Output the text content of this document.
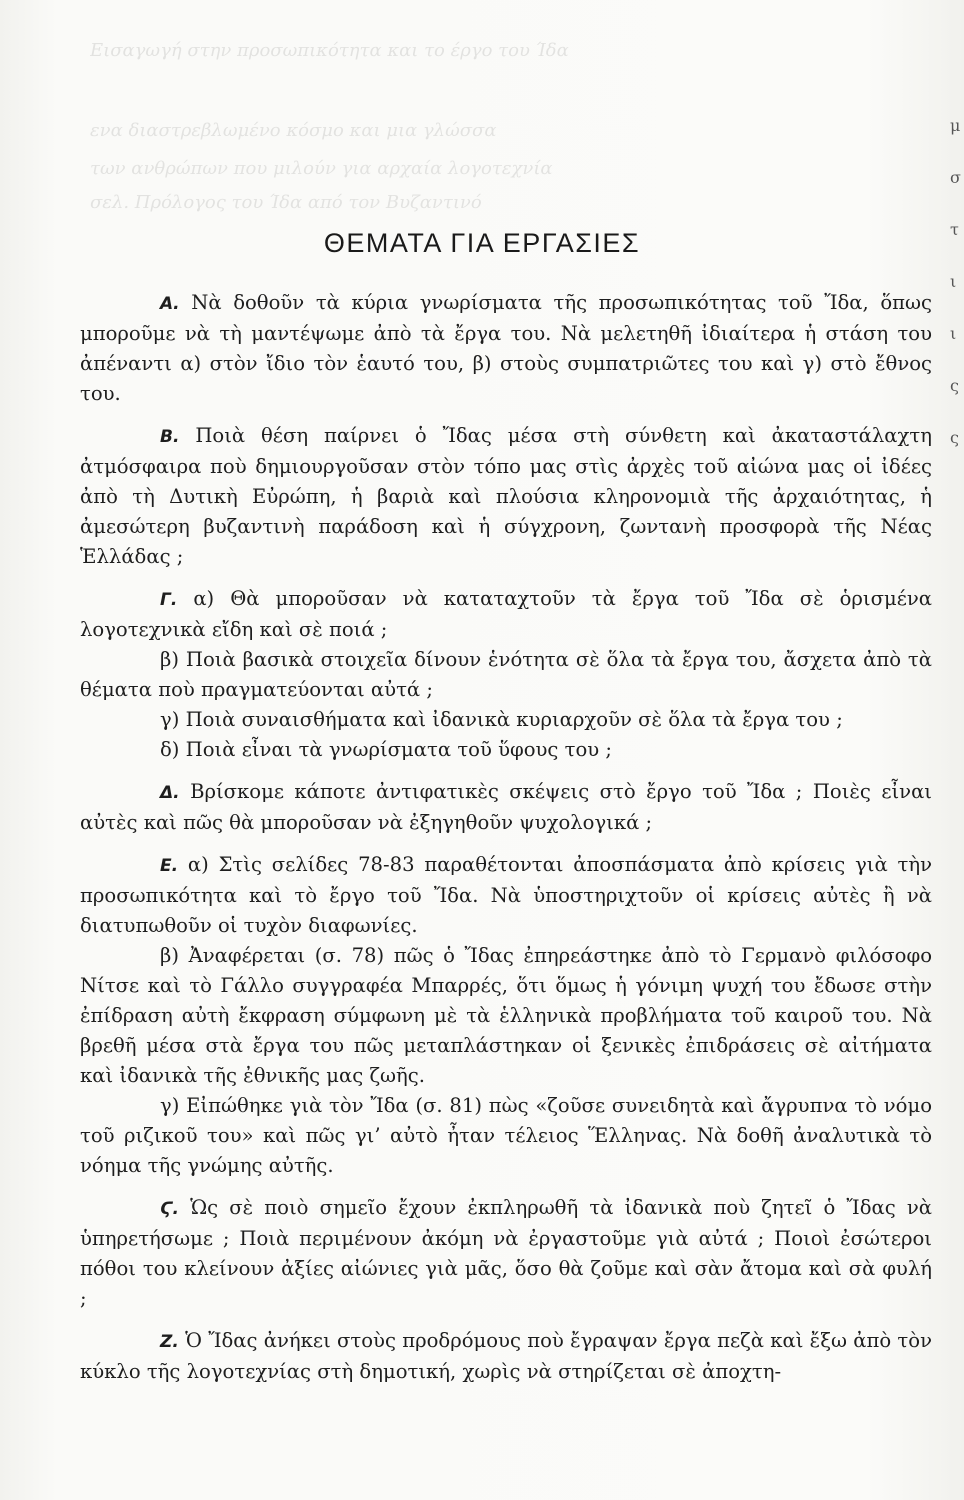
Εισαγωγή στην προσωπικότητα και το έργο του Ίδα
ενα διαστρεβλωμένο κόσμο και μια γλώσσα
των ανθρώπων που μιλούν για αρχαία λογοτεχνία
σελ. Πρόλογος του Ίδα από τον Βυζαντινό
ΘΕΜΑΤΑ ΓΙΑ ΕΡΓΑΣΙΕΣ

Α. Νὰ δοθοῦν τὰ κύρια γνωρίσματα τῆς προσωπικότητας τοῦ Ἴδα, ὅπως μποροῦμε νὰ τὴ μαντέψωμε ἀπὸ τὰ ἔργα του. Νὰ μελετηθῆ ἰδιαίτερα ἡ στάση του ἀπέναντι α) στὸν ἴδιο τὸν ἑαυτό του, β) στοὺς συμπατριῶτες του καὶ γ) στὸ ἔθνος του.

Β. Ποιὰ θέση παίρνει ὁ Ἴδας μέσα στὴ σύνθετη καὶ ἀκαταστάλαχτη ἀτμόσφαιρα ποὺ δημιουργοῦσαν στὸν τόπο μας στὶς ἀρχὲς τοῦ αἰώνα μας οἱ ἰδέες ἀπὸ τὴ Δυτικὴ Εὐρώπη, ἡ βαριὰ καὶ πλούσια κληρονομιὰ τῆς ἀρχαιότητας, ἡ ἀμεσώτερη βυζαντινὴ παράδοση καὶ ἡ σύγχρονη, ζωντανὴ προσφορὰ τῆς Νέας Ἑλλάδας ;

Γ. α) Θὰ μποροῦσαν νὰ καταταχτοῦν τὰ ἔργα τοῦ Ἴδα σὲ ὁρισμένα λογοτεχνικὰ εἴδη καὶ σὲ ποιά ;

β) Ποιὰ βασικὰ στοιχεῖα δίνουν ἑνότητα σὲ ὅλα τὰ ἔργα του, ἄσχετα ἀπὸ τὰ θέματα ποὺ πραγματεύονται αὐτά ;

γ) Ποιὰ συναισθήματα καὶ ἰδανικὰ κυριαρχοῦν σὲ ὅλα τὰ ἔργα του ;

δ) Ποιὰ εἶναι τὰ γνωρίσματα τοῦ ὕφους του ;

Δ. Βρίσκομε κάποτε ἀντιφατικὲς σκέψεις στὸ ἔργο τοῦ Ἴδα ; Ποιὲς εἶναι αὐτὲς καὶ πῶς θὰ μποροῦσαν νὰ ἐξηγηθοῦν ψυχολογικά ;

Ε. α) Στὶς σελίδες 78-83 παραθέτονται ἀποσπάσματα ἀπὸ κρίσεις γιὰ τὴν προσωπικότητα καὶ τὸ ἔργο τοῦ Ἴδα. Νὰ ὑποστηριχτοῦν οἱ κρίσεις αὐτὲς ἢ νὰ διατυπωθοῦν οἱ τυχὸν διαφωνίες.

β) Ἀναφέρεται (σ. 78) πῶς ὁ Ἴδας ἐπηρεάστηκε ἀπὸ τὸ Γερμανὸ φιλόσοφο Νίτσε καὶ τὸ Γάλλο συγγραφέα Μπαρρές, ὅτι ὅμως ἡ γόνιμη ψυχή του ἔδωσε στὴν ἐπίδραση αὐτὴ ἔκφραση σύμφωνη μὲ τὰ ἑλληνικὰ προβλήματα τοῦ καιροῦ του. Νὰ βρεθῆ μέσα στὰ ἔργα του πῶς μεταπλάστηκαν οἱ ξενικὲς ἐπιδράσεις σὲ αἰτήματα καὶ ἰδανικὰ τῆς ἐθνικῆς μας ζωῆς.

γ) Εἰπώθηκε γιὰ τὸν Ἴδα (σ. 81) πὼς «ζοῦσε συνειδητὰ καὶ ἄγρυπνα τὸ νόμο τοῦ ριζικοῦ του» καὶ πῶς γι’ αὐτὸ ἦταν τέλειος Ἕλληνας. Νὰ δοθῆ ἀναλυτικὰ τὸ νόημα τῆς γνώμης αὐτῆς.

Ϛ. Ὡς σὲ ποιὸ σημεῖο ἔχουν ἐκπληρωθῆ τὰ ἰδανικὰ ποὺ ζητεῖ ὁ Ἴδας νὰ ὑπηρετήσωμε ; Ποιὰ περιμένουν ἀκόμη νὰ ἐργαστοῦμε γιὰ αὐτά ; Ποιοὶ ἐσώτεροι πόθοι του κλείνουν ἀξίες αἰώνιες γιὰ μᾶς, ὅσο θὰ ζοῦμε καὶ σὰν ἄτομα καὶ σὰ φυλή ;

Ζ. Ὁ Ἴδας ἀνήκει στοὺς προδρόμους ποὺ ἔγραψαν ἔργα πεζὰ καὶ ἔξω ἀπὸ τὸν κύκλο τῆς λογοτεχνίας στὴ δημοτική, χωρὶς νὰ στηρίζεται σὲ ἀποχτη-

μ
σ
τ
ι
ι
ς
ς
